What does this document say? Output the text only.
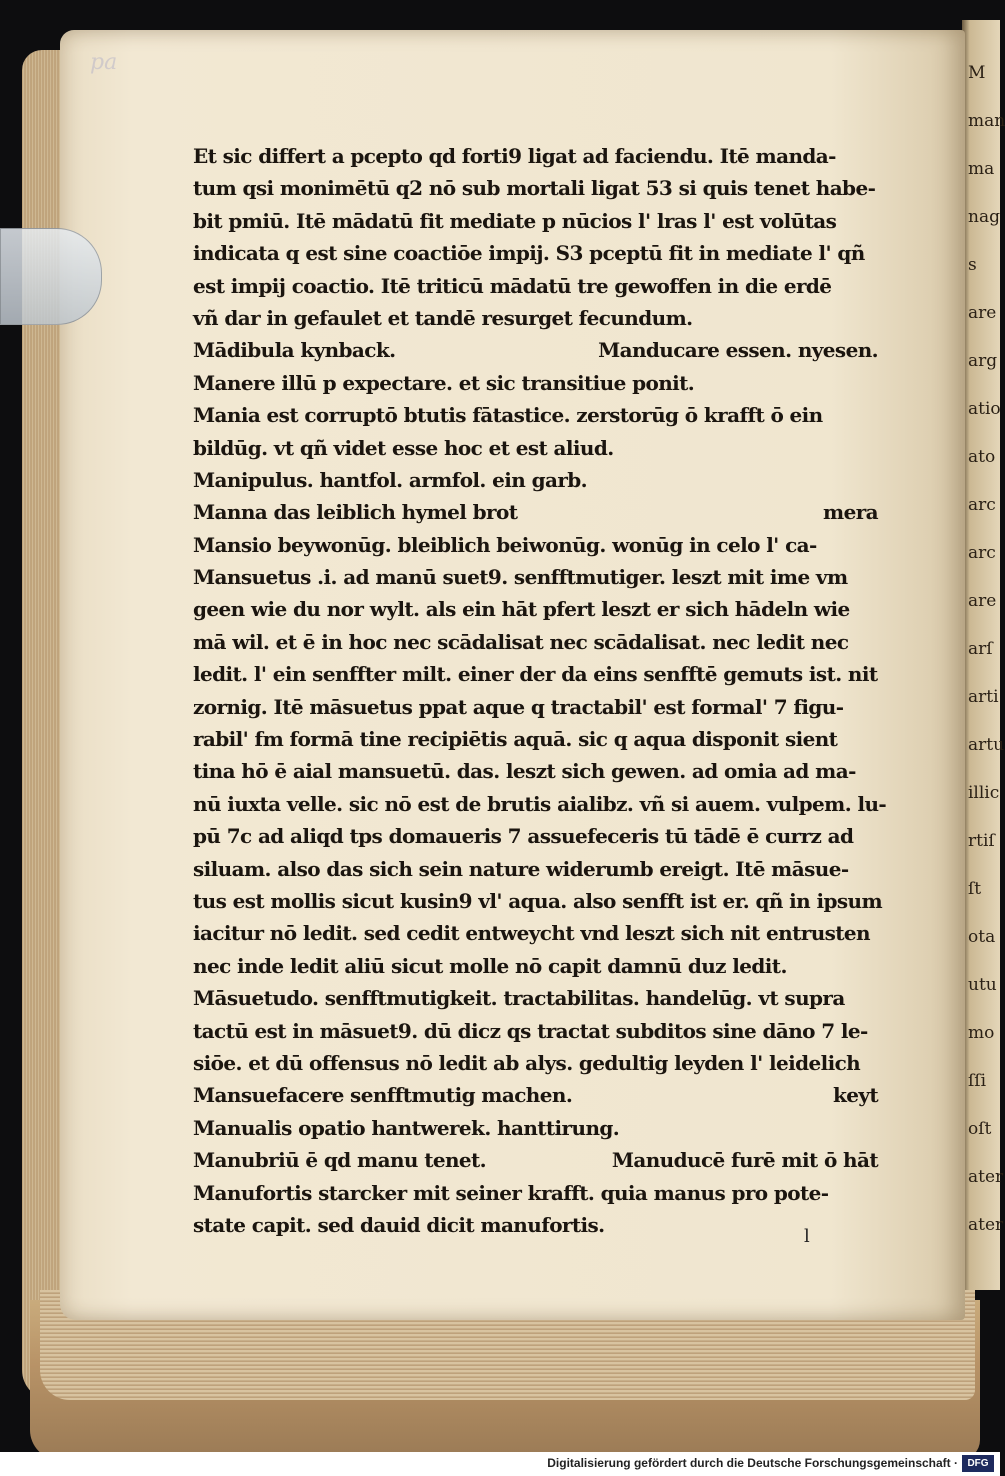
M
man
ma
nag
s
are
arg
atio
ato
arc
arc
are
arſ
arti
artu
illic
rtiſ
ſt
ota
utu
mo
ſſi
oſt
ater
ater
pa
Et sic differt a pcepto qd forti9 ligat ad faciendu. Itē manda-
tum qsi monimētū q2 nō sub mortali ligat 53 si quis tenet habe-
bit pmiū. Itē mādatū fit mediate p nūcios l' lras l' est volūtas
indicata q est sine coactiōe impij. S3 pceptū fit in mediate l' qñ
est impij coactio. Itē triticū mādatū tre gewoffen in die erdē
vñ dar in gefaulet et tandē resurget fecundum.
Mādibula kynback.	Manducare essen. nyesen.
Manere illū p expectare. et sic transitiue ponit.
Mania est corruptō btutis fātastice. zerstorūg ō krafft ō ein
bildūg. vt qñ videt esse hoc et est aliud.
Manipulus. hantfol. armfol. ein garb.
Manna das leiblich hymel brot	mera
Mansio beywonūg. bleiblich beiwonūg. wonūg in celo l' ca-
Mansuetus .i. ad manū suet9. senfftmutiger. leszt mit ime vm
geen wie du nor wylt. als ein hāt pfert leszt er sich hādeln wie
mā wil. et ē in hoc nec scādalisat nec scādalisat. nec ledit nec
ledit. l' ein senffter milt. einer der da eins senfftē gemuts ist. nit
zornig. Itē māsuetus ppat aque q tractabil' est formal' 7 figu-
rabil' fm formā tine recipiētis aquā. sic q aqua disponit sient
tina hō ē aial mansuetū. das. leszt sich gewen. ad omia ad ma-
nū iuxta velle. sic nō est de brutis aialibz. vñ si auem. vulpem. lu-
pū 7c ad aliqd tps domaueris 7 assuefeceris tū tādē ē currz ad
siluam. also das sich sein nature widerumb ereigt. Itē māsue-
tus est mollis sicut kusin9 vl' aqua. also senfft ist er. qñ in ipsum
iacitur nō ledit. sed cedit entweycht vnd leszt sich nit entrusten
nec inde ledit aliū sicut molle nō capit damnū duz ledit.
Māsuetudo. senfftmutigkeit. tractabilitas. handelūg. vt supra
tactū est in māsuet9. dū dicz qs tractat subditos sine dāno 7 le-
siōe. et dū offensus nō ledit ab alys. gedultig leyden l' leidelich
Mansuefacere senfftmutig machen.	keyt
Manualis opatio hantwerek. hanttirung.
Manubriū ē qd manu tenet.	Manuducē furē mit ō hāt
Manufortis starcker mit seiner krafft. quia manus pro pote-
state capit. sed dauid dicit manufortis.	l
Digitalisierung gefördert durch die Deutsche Forschungsgemeinschaft · DFG
